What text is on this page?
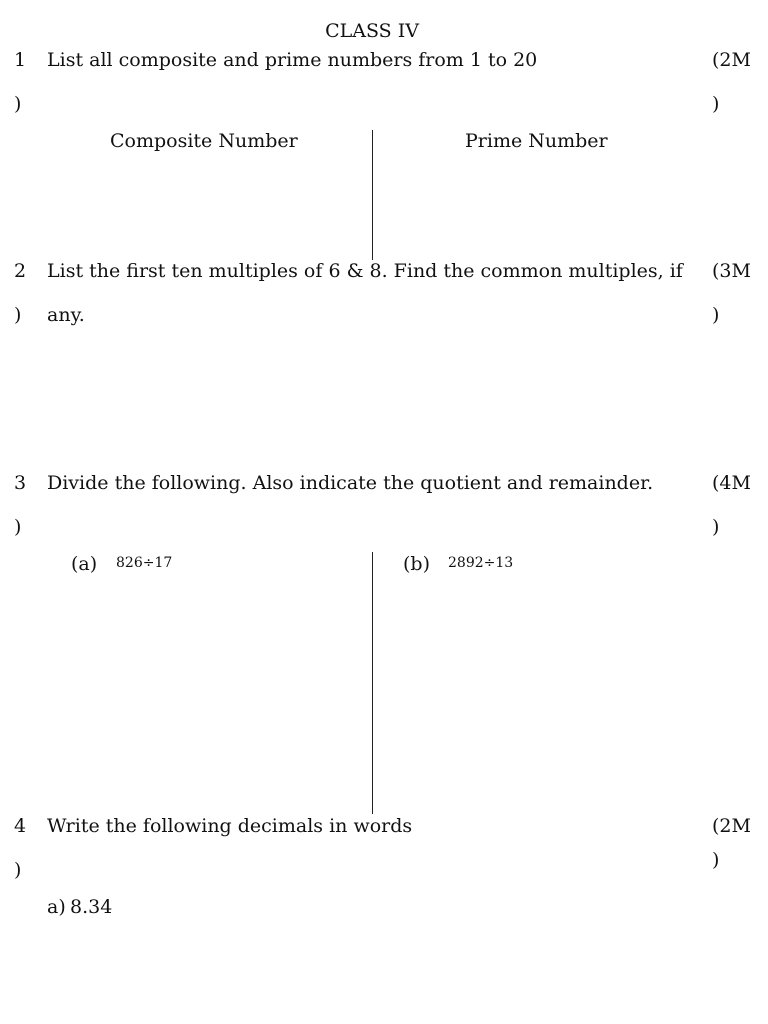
CLASS IV
1
)
List all composite and prime numbers from 1 to 20	(2M
)
Composite Number	Prime Number
2
)
List the first ten multiples of 6 & 8. Find the common multiples, if
any.
(3M
)
3
)
Divide the following. Also indicate the quotient and remainder.	(4M
)
(a) 826÷17	(b) 2892÷13
4
)
Write the following decimals in words	(2M
)
a) 8.34
